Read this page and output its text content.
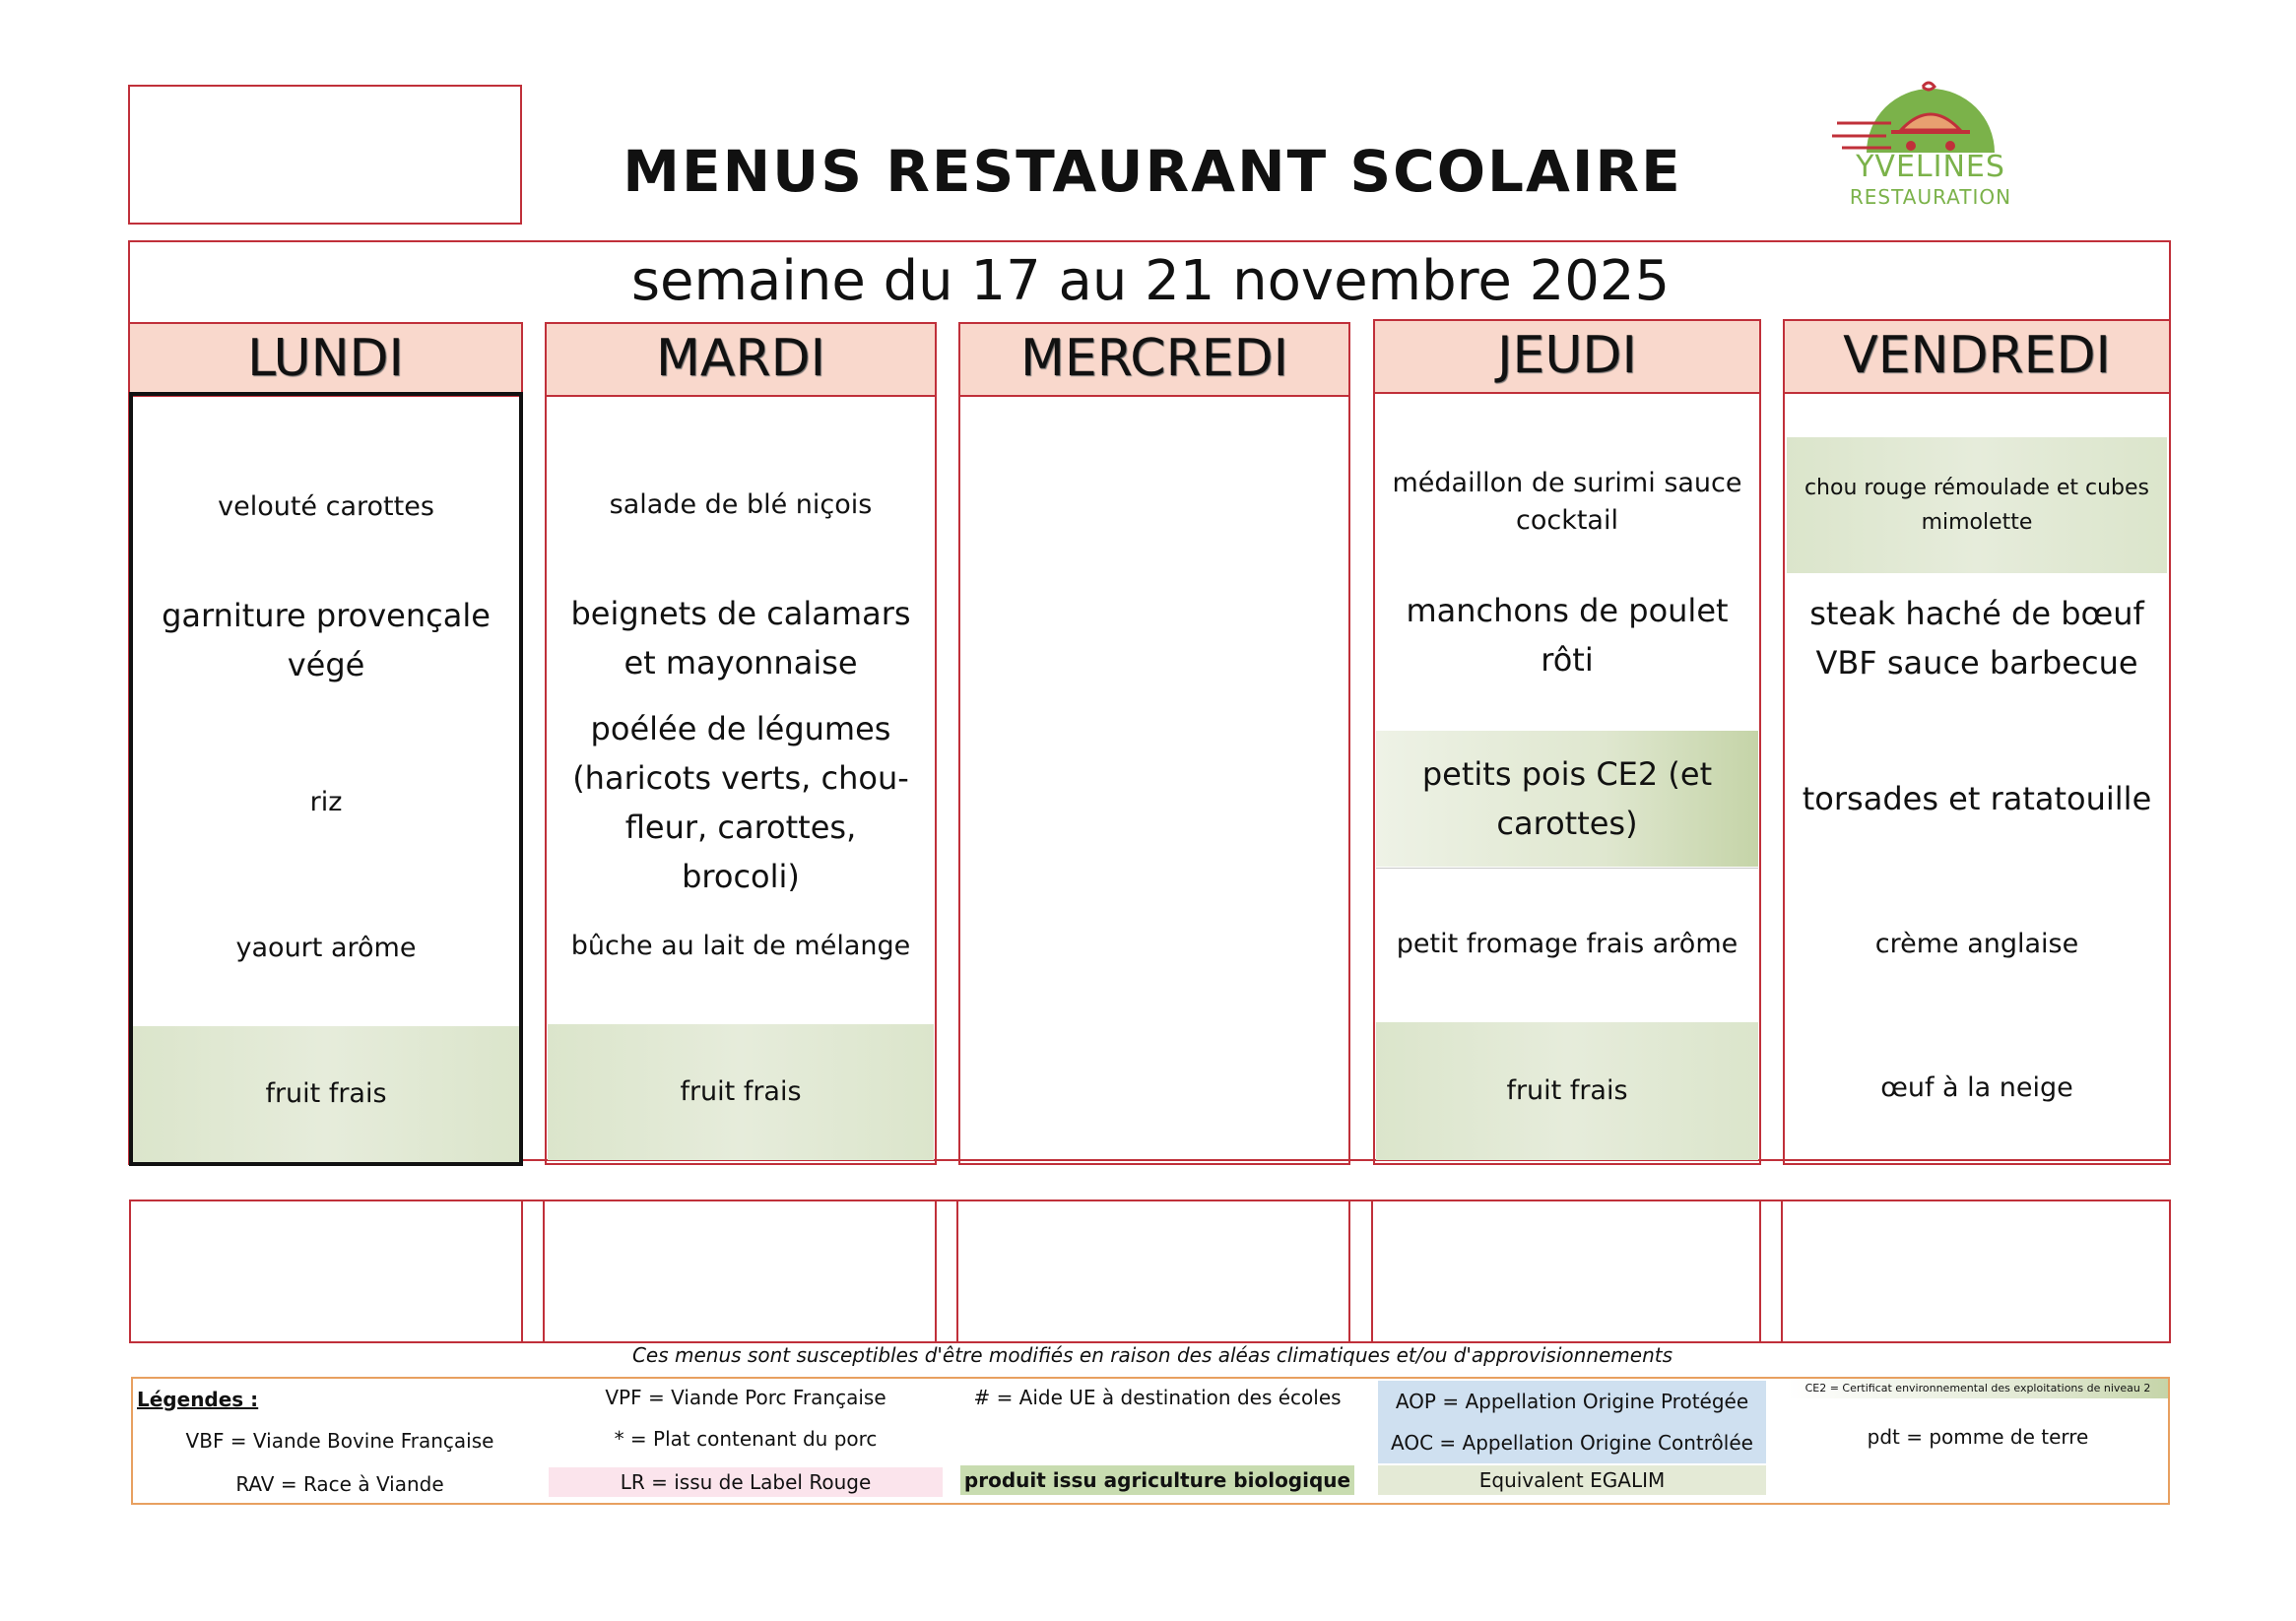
MENUS RESTAURANT SCOLAIRE	YVELINES
RESTAURATION
semaine du 17 au 21 novembre 2025
LUNDI
velouté carottes
garniture provençale végé
riz
yaourt arôme
fruit frais
MARDI
salade de blé niçois
beignets de calamars et mayonnaise
poélée de légumes (haricots verts, chou-fleur, carottes, brocoli)
bûche au lait de mélange
fruit frais
MERCREDI	JEUDI
médaillon de surimi sauce cocktail
manchons de poulet rôti
petits pois CE2 (et carottes)
petit fromage frais arôme
fruit frais
VENDREDI
chou rouge rémoulade et cubes mimolette
steak haché de bœuf VBF sauce barbecue
torsades et ratatouille
crème anglaise
œuf à la neige
Ces menus sont susceptibles d'être modifiés en raison des aléas climatiques et/ou d'approvisionnements
Légendes :
VBF = Viande Bovine Française
RAV = Race à Viande
VPF = Viande Porc Française
* = Plat contenant du porc
LR = issu de Label Rouge
# = Aide UE à destination des écoles
produit issu agriculture biologique
AOP = Appellation Origine Protégée
AOC = Appellation Origine Contrôlée
Equivalent EGALIM
CE2 = Certificat environnemental des exploitations de niveau 2
pdt = pomme de terre
